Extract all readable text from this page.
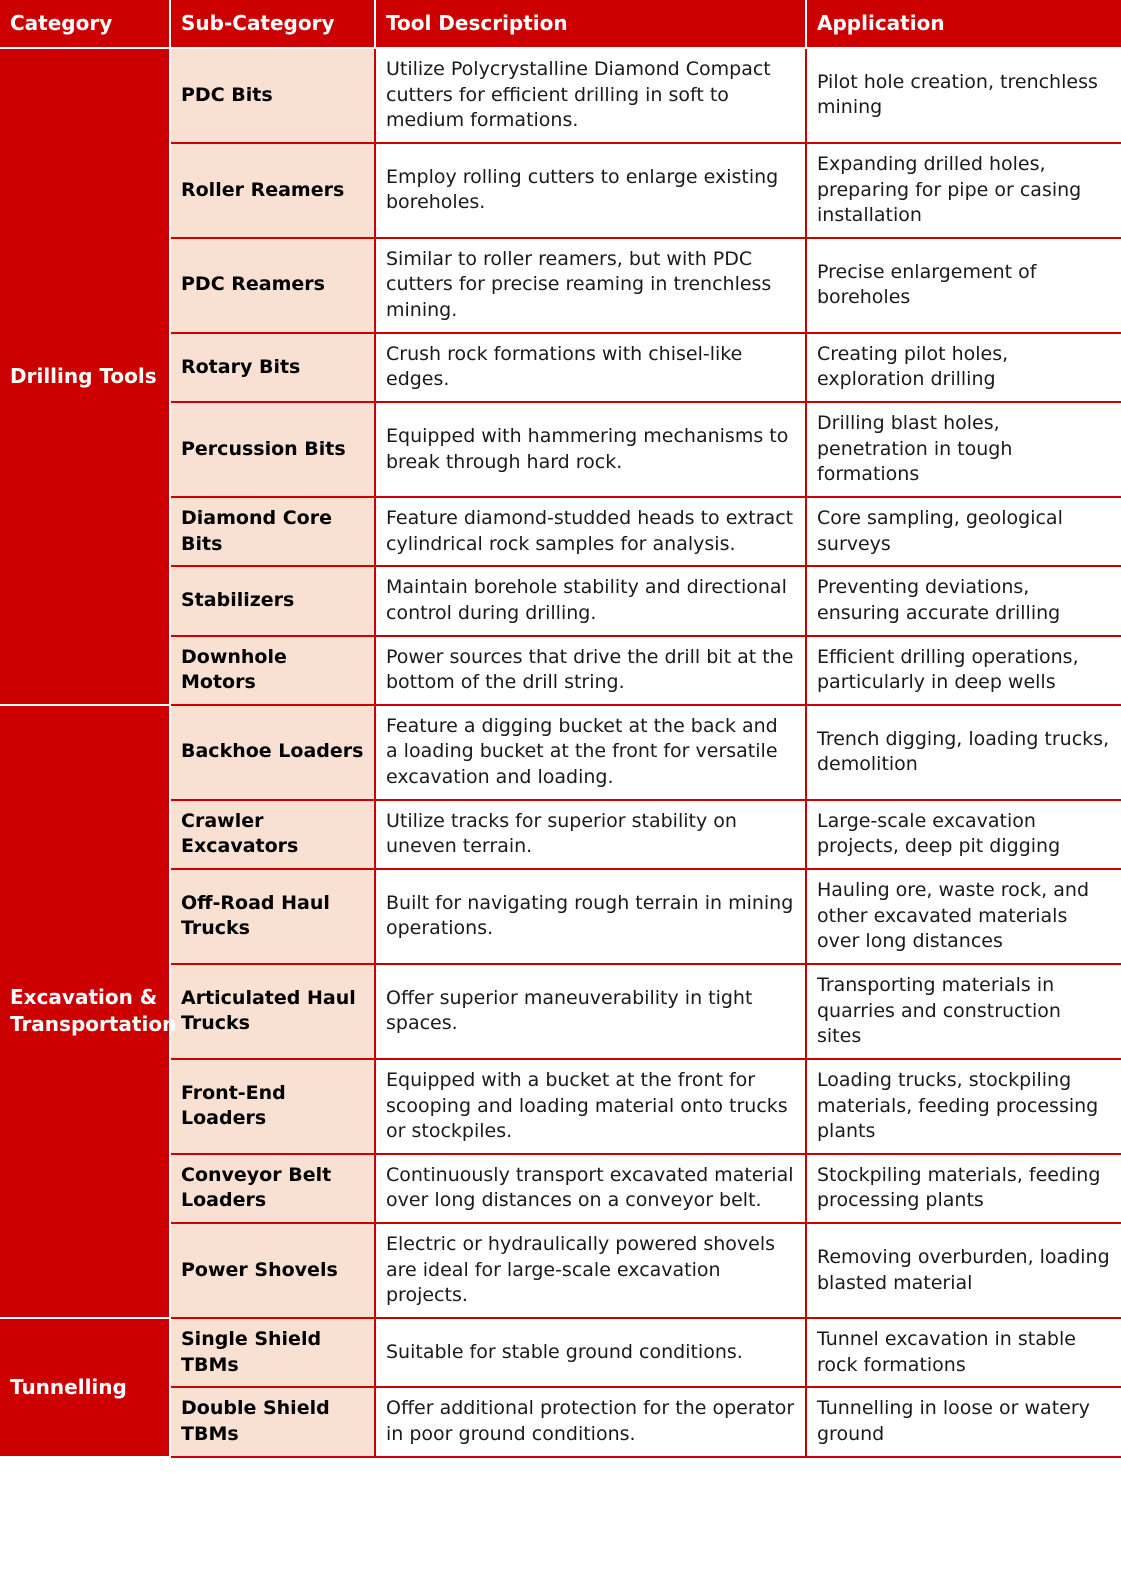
Category	Sub-Category	Tool Description	Application
Drilling Tools	PDC Bits	Utilize Polycrystalline Diamond Compact cutters for efficient drilling in soft to medium formations.	Pilot hole creation, trenchless mining
	Roller Reamers	Employ rolling cutters to enlarge existing boreholes.	Expanding drilled holes, preparing for pipe or casing installation
	PDC Reamers	Similar to roller reamers, but with PDC cutters for precise reaming in trenchless mining.	Precise enlargement of boreholes
	Rotary Bits	Crush rock formations with chisel-like edges.	Creating pilot holes, exploration drilling
	Percussion Bits	Equipped with hammering mechanisms to break through hard rock.	Drilling blast holes, penetration in tough formations
	Diamond Core Bits	Feature diamond-studded heads to extract cylindrical rock samples for analysis.	Core sampling, geological surveys
	Stabilizers	Maintain borehole stability and directional control during drilling.	Preventing deviations, ensuring accurate drilling
	Downhole Motors	Power sources that drive the drill bit at the bottom of the drill string.	Efficient drilling operations, particularly in deep wells
Excavation & Transportation	Backhoe Loaders	Feature a digging bucket at the back and a loading bucket at the front for versatile excavation and loading.	Trench digging, loading trucks, demolition
	Crawler Excavators	Utilize tracks for superior stability on uneven terrain.	Large-scale excavation projects, deep pit digging
	Off-Road Haul Trucks	Built for navigating rough terrain in mining operations.	Hauling ore, waste rock, and other excavated materials over long distances
	Articulated Haul Trucks	Offer superior maneuverability in tight spaces.	Transporting materials in quarries and construction sites
	Front-End Loaders	Equipped with a bucket at the front for scooping and loading material onto trucks or stockpiles.	Loading trucks, stockpiling materials, feeding processing plants
	Conveyor Belt Loaders	Continuously transport excavated material over long distances on a conveyor belt.	Stockpiling materials, feeding processing plants
	Power Shovels	Electric or hydraulically powered shovels are ideal for large-scale excavation projects.	Removing overburden, loading blasted material
Tunnelling	Single Shield TBMs	Suitable for stable ground conditions.	Tunnel excavation in stable rock formations
	Double Shield TBMs	Offer additional protection for the operator in poor ground conditions.	Tunnelling in loose or watery ground
